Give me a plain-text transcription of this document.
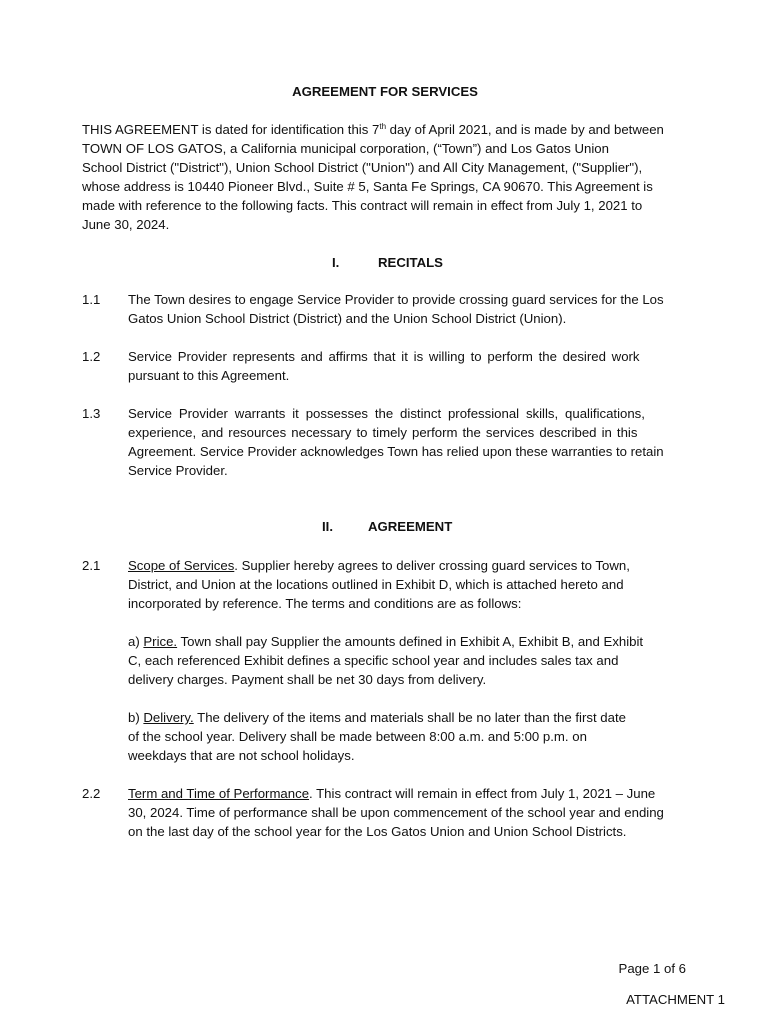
AGREEMENT FOR SERVICES
THIS AGREEMENT is dated for identification this 7th day of April 2021, and is made by and between
TOWN OF LOS GATOS, a California municipal corporation, (“Town”) and Los Gatos Union
School District ("District"), Union School District ("Union") and All City Management, ("Supplier"),
whose address is 10440 Pioneer Blvd., Suite # 5, Santa Fe Springs, CA 90670. This Agreement is
made with reference to the following facts. This contract will remain in effect from July 1, 2021 to
June 30, 2024.
I.	RECITALS
1.1 The Town desires to engage Service Provider to provide crossing guard services for the Los
Gatos Union School District (District) and the Union School District (Union).
1.2 Service Provider represents and affirms that it is willing to perform the desired work
pursuant to this Agreement.
1.3 Service Provider warrants it possesses the distinct professional skills, qualifications,
experience, and resources necessary to timely perform the services described in this
Agreement. Service Provider acknowledges Town has relied upon these warranties to retain
Service Provider.
II.	AGREEMENT
2.1 Scope of Services. Supplier hereby agrees to deliver crossing guard services to Town,
District, and Union at the locations outlined in Exhibit D, which is attached hereto and
incorporated by reference. The terms and conditions are as follows:
a) Price. Town shall pay Supplier the amounts defined in Exhibit A, Exhibit B, and Exhibit
C, each referenced Exhibit defines a specific school year and includes sales tax and
delivery charges. Payment shall be net 30 days from delivery.
b) Delivery. The delivery of the items and materials shall be no later than the first date
of the school year. Delivery shall be made between 8:00 a.m. and 5:00 p.m. on
weekdays that are not school holidays.
2.2 Term and Time of Performance. This contract will remain in effect from July 1, 2021 – June
30, 2024. Time of performance shall be upon commencement of the school year and ending
on the last day of the school year for the Los Gatos Union and Union School Districts.
Page 1 of 6
ATTACHMENT 1
